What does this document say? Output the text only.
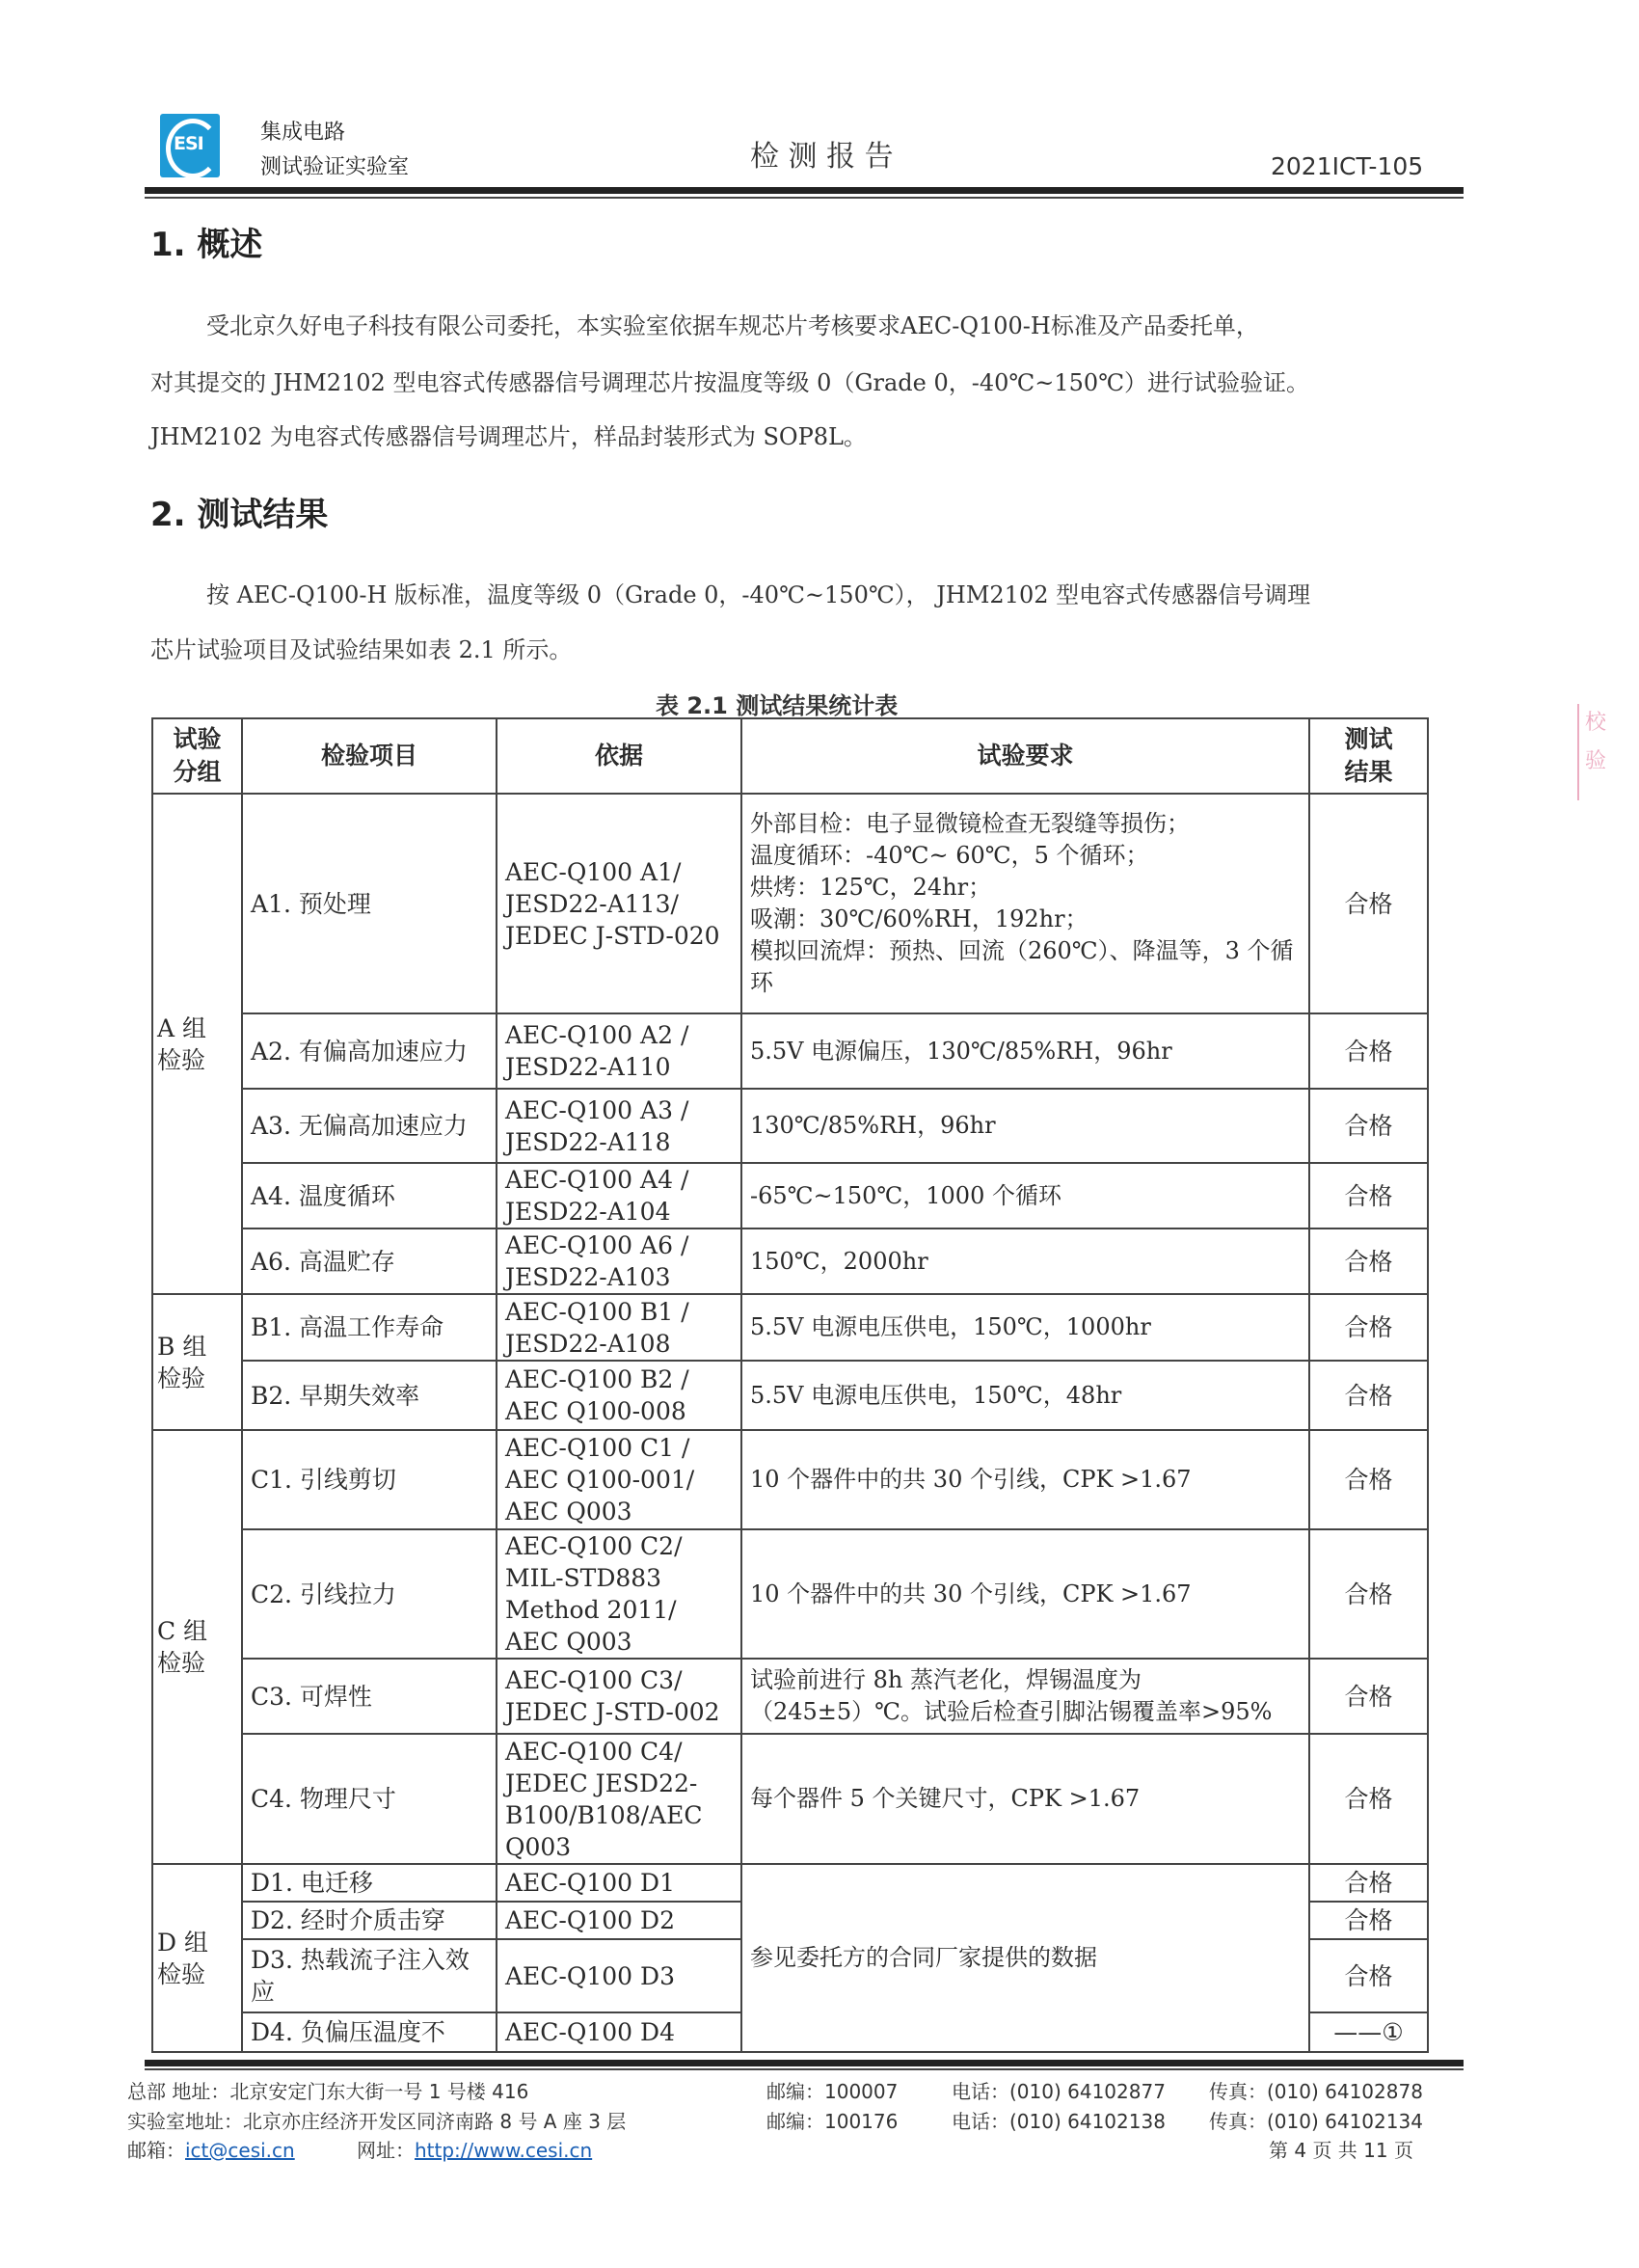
ESI	集成电路
测试验证实验室	检 测 报 告	2021ICT-105
1. 概述
受北京久好电子科技有限公司委托，本实验室依据车规芯片考核要求AEC-Q100-H标准及产品委托单，
对其提交的 JHM2102 型电容式传感器信号调理芯片按温度等级 0（Grade 0，-40℃~150℃）进行试验验证。
JHM2102 为电容式传感器信号调理芯片，样品封装形式为 SOP8L。
2. 测试结果
按 AEC-Q100-H 版标准，温度等级 0（Grade 0，-40℃~150℃）， JHM2102 型电容式传感器信号调理
芯片试验项目及试验结果如表 2.1 所示。
表 2.1 测试结果统计表
试验
分组	检验项目	依据	试验要求	测试
结果
A 组
检验	A1. 预处理	AEC-Q100 A1/ JESD22-A113/ JEDEC J-STD-020	外部目检：电子显微镜检查无裂缝等损伤；
温度循环：-40℃~ 60℃，5 个循环；
烘烤：125℃，24hr；
吸潮：30℃/60%RH，192hr；
模拟回流焊：预热、回流（260℃）、降温等，3 个循环	合格
	A2. 有偏高加速应力	AEC-Q100 A2 / JESD22-A110	5.5V 电源偏压，130℃/85%RH，96hr	合格
	A3. 无偏高加速应力	AEC-Q100 A3 / JESD22-A118	130℃/85%RH，96hr	合格
	A4. 温度循环	AEC-Q100 A4 / JESD22-A104	-65℃~150℃，1000 个循环	合格
	A6. 高温贮存	AEC-Q100 A6 / JESD22-A103	150℃，2000hr	合格
B 组
检验	B1. 高温工作寿命	AEC-Q100 B1 / JESD22-A108	5.5V 电源电压供电，150℃，1000hr	合格
	B2. 早期失效率	AEC-Q100 B2 / AEC Q100-008	5.5V 电源电压供电，150℃，48hr	合格
C 组
检验	C1. 引线剪切	AEC-Q100 C1 / AEC Q100-001/ AEC Q003	10 个器件中的共 30 个引线，CPK >1.67	合格
	C2. 引线拉力	AEC-Q100 C2/ MIL-STD883 Method 2011/ AEC Q003	10 个器件中的共 30 个引线，CPK >1.67	合格
	C3. 可焊性	AEC-Q100 C3/ JEDEC J-STD-002	试验前进行 8h 蒸汽老化，焊锡温度为（245±5）℃。试验后检查引脚沾锡覆盖率>95%	合格
	C4. 物理尺寸	AEC-Q100 C4/ JEDEC JESD22-B100/B108/AEC Q003	每个器件 5 个关键尺寸，CPK >1.67	合格
D 组
检验	D1. 电迁移	AEC-Q100 D1	参见委托方的合同厂家提供的数据	合格
	D2. 经时介质击穿	AEC-Q100 D2		合格
	D3. 热载流子注入效应	AEC-Q100 D3		合格
	D4. 负偏压温度不	AEC-Q100 D4		——①
校验
总部 地址：北京安定门东大街一号 1 号楼 416	邮编：100007	电话：(010) 64102877 传真：(010) 64102878
实验室地址：北京亦庄经济开发区同济南路 8 号 A 座 3 层	邮编：100176	电话：(010) 64102138 传真：(010) 64102134
邮箱：ict@cesi.cn	网址：http://www.cesi.cn	第 4 页 共 11 页
